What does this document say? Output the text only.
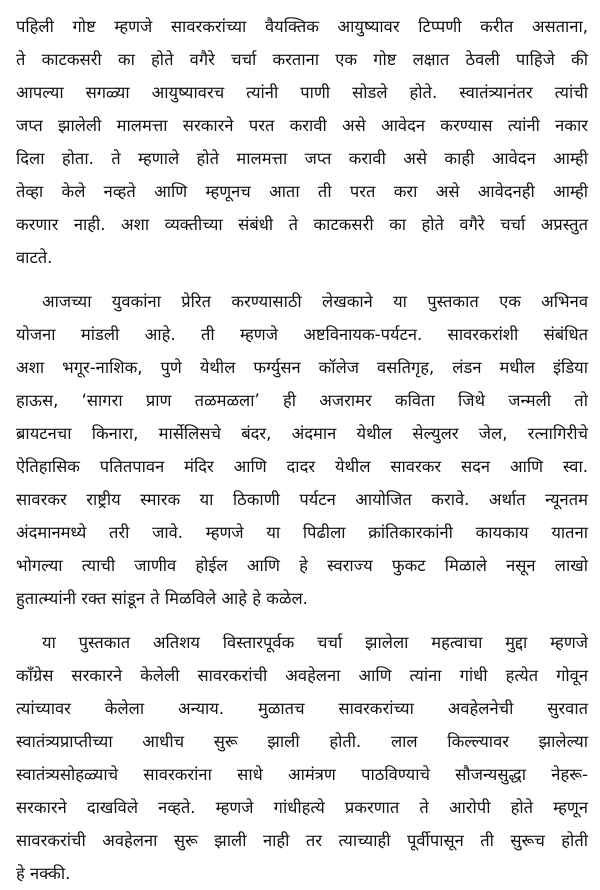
पहिली गोष्ट म्हणजे सावरकरांच्या वैयक्तिक आयुष्यावर टिप्पणी करीत असताना,
ते काटकसरी का होते वगैरे चर्चा करताना एक गोष्ट लक्षात ठेवली पाहिजे की
आपल्या सगळ्या आयुष्यावरच त्यांनी पाणी सोडले होते. स्वातंत्र्यानंतर त्यांची
जप्त झालेली मालमत्ता सरकारने परत करावी असे आवेदन करण्यास त्यांनी नकार
दिला होता. ते म्हणाले होते मालमत्ता जप्त करावी असे काही आवेदन आम्ही
तेव्हा केले नव्हते आणि म्हणूनच आता ती परत करा असे आवेदनही आम्ही
करणार नाही. अशा व्यक्तीच्या संबंधी ते काटकसरी का होते वगैरे चर्चा अप्रस्तुत
वाटते.
आजच्या युवकांना प्रेरित करण्यासाठी लेखकाने या पुस्तकात एक अभिनव
योजना मांडली आहे. ती म्हणजे अष्टविनायक-पर्यटन. सावरकरांशी संबंधित
अशा भगूर-नाशिक, पुणे येथील फर्ग्युसन कॉलेज वसतिगृह, लंडन मधील इंडिया
हाऊस, ‘सागरा प्राण तळमळला’ ही अजरामर कविता जिथे जन्मली तो
ब्रायटनचा किनारा, मार्सेलिसचे बंदर, अंदमान येथील सेल्युलर जेल, रत्नागिरीचे
ऐतिहासिक पतितपावन मंदिर आणि दादर येथील सावरकर सदन आणि स्वा.
सावरकर राष्ट्रीय स्मारक या ठिकाणी पर्यटन आयोजित करावे. अर्थात न्यूनतम
अंदमानमध्ये तरी जावे. म्हणजे या पिढीला क्रांतिकारकांनी कायकाय यातना
भोगल्या त्याची जाणीव होईल आणि हे स्वराज्य फुकट मिळाले नसून लाखो
हुतात्म्यांनी रक्त सांडून ते मिळविले आहे हे कळेल.
या पुस्तकात अतिशय विस्तारपूर्वक चर्चा झालेला महत्वाचा मुद्दा म्हणजे
काँग्रेस सरकारने केलेली सावरकरांची अवहेलना आणि त्यांना गांधी हत्येत गोवून
त्यांच्यावर केलेला अन्याय. मुळातच सावरकरांच्या अवहेलनेची सुरवात
स्वातंत्र्यप्राप्तीच्या आधीच सुरू झाली होती. लाल किल्ल्यावर झालेल्या
स्वातंत्र्यसोहळ्याचे सावरकरांना साधे आमंत्रण पाठविण्याचे सौजन्यसुद्धा नेहरू-
सरकारने दाखविले नव्हते. म्हणजे गांधीहत्ये प्रकरणात ते आरोपी होते म्हणून
सावरकरांची अवहेलना सुरू झाली नाही तर त्याच्याही पूर्वीपासून ती सुरूच होती
हे नक्की.
